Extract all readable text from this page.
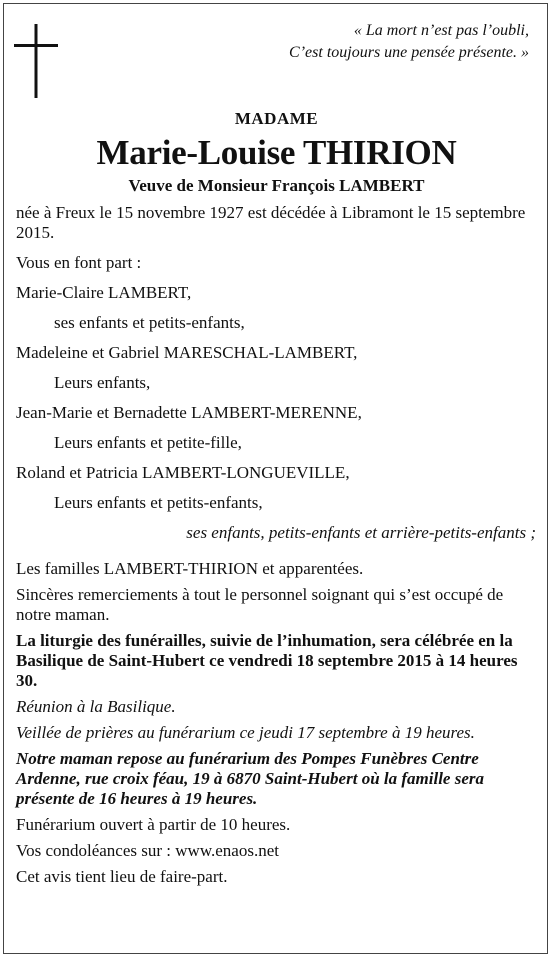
« La mort n’est pas l’oubli,
C’est toujours une pensée présente. »
MADAME
Marie-Louise THIRION
Veuve de Monsieur François LAMBERT

née à Freux le 15 novembre 1927 est décédée à Libramont le 15 septembre 2015.

Vous en font part :

Marie-Claire LAMBERT,

ses enfants et petits-enfants,

Madeleine et Gabriel MARESCHAL-LAMBERT,

Leurs enfants,

Jean-Marie et Bernadette LAMBERT-MERENNE,

Leurs enfants et petite-fille,

Roland et Patricia LAMBERT-LONGUEVILLE,

Leurs enfants et petits-enfants,

ses enfants, petits-enfants et arrière-petits-enfants ;

Les familles LAMBERT-THIRION et apparentées.

Sincères remerciements à tout le personnel soignant qui s’est occupé de notre maman.

La liturgie des funérailles, suivie de l’inhumation, sera célébrée en la Basilique de Saint-Hubert ce vendredi 18 septembre 2015 à 14 heures 30.

Réunion à la Basilique.

Veillée de prières au funérarium ce jeudi 17 septembre à 19 heures.

Notre maman repose au funérarium des Pompes Funèbres Centre Ardenne, rue croix féau, 19 à 6870 Saint-Hubert où la famille sera présente de 16 heures à 19 heures.

Funérarium ouvert à partir de 10 heures.

Vos condoléances sur : www.enaos.net

Cet avis tient lieu de faire-part.
